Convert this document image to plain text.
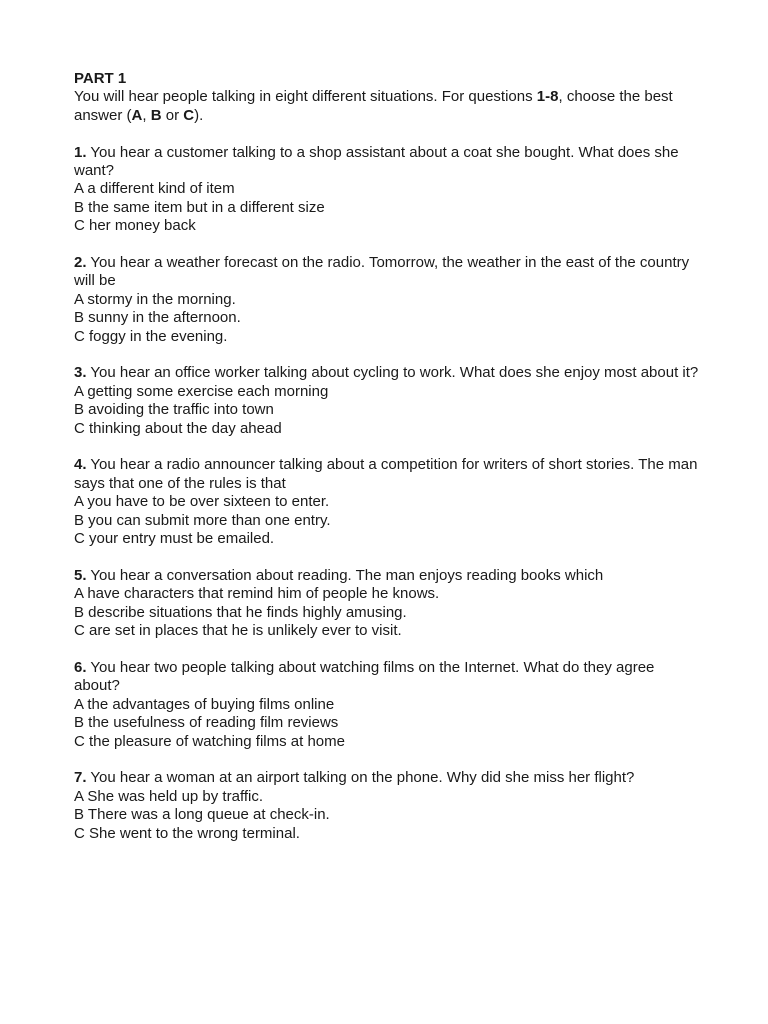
PART 1

You will hear people talking in eight different situations. For questions 1-8, choose the best answer (A, B or C).

1. You hear a customer talking to a shop assistant about a coat she bought. What does she want?

A a different kind of item
B the same item but in a different size
C her money back

2. You hear a weather forecast on the radio. Tomorrow, the weather in the east of the country will be

A stormy in the morning.
B sunny in the afternoon.
C foggy in the evening.

3. You hear an office worker talking about cycling to work. What does she enjoy most about it?

A getting some exercise each morning
B avoiding the traffic into town
C thinking about the day ahead

4. You hear a radio announcer talking about a competition for writers of short stories. The man says that one of the rules is that

A you have to be over sixteen to enter.
B you can submit more than one entry.
C your entry must be emailed.

5. You hear a conversation about reading. The man enjoys reading books which

A have characters that remind him of people he knows.
B describe situations that he finds highly amusing.
C are set in places that he is unlikely ever to visit.

6. You hear two people talking about watching films on the Internet. What do they agree about?

A the advantages of buying films online
B the usefulness of reading film reviews
C the pleasure of watching films at home

7. You hear a woman at an airport talking on the phone. Why did she miss her flight?

A She was held up by traffic.
B There was a long queue at check-in.
C She went to the wrong terminal.
